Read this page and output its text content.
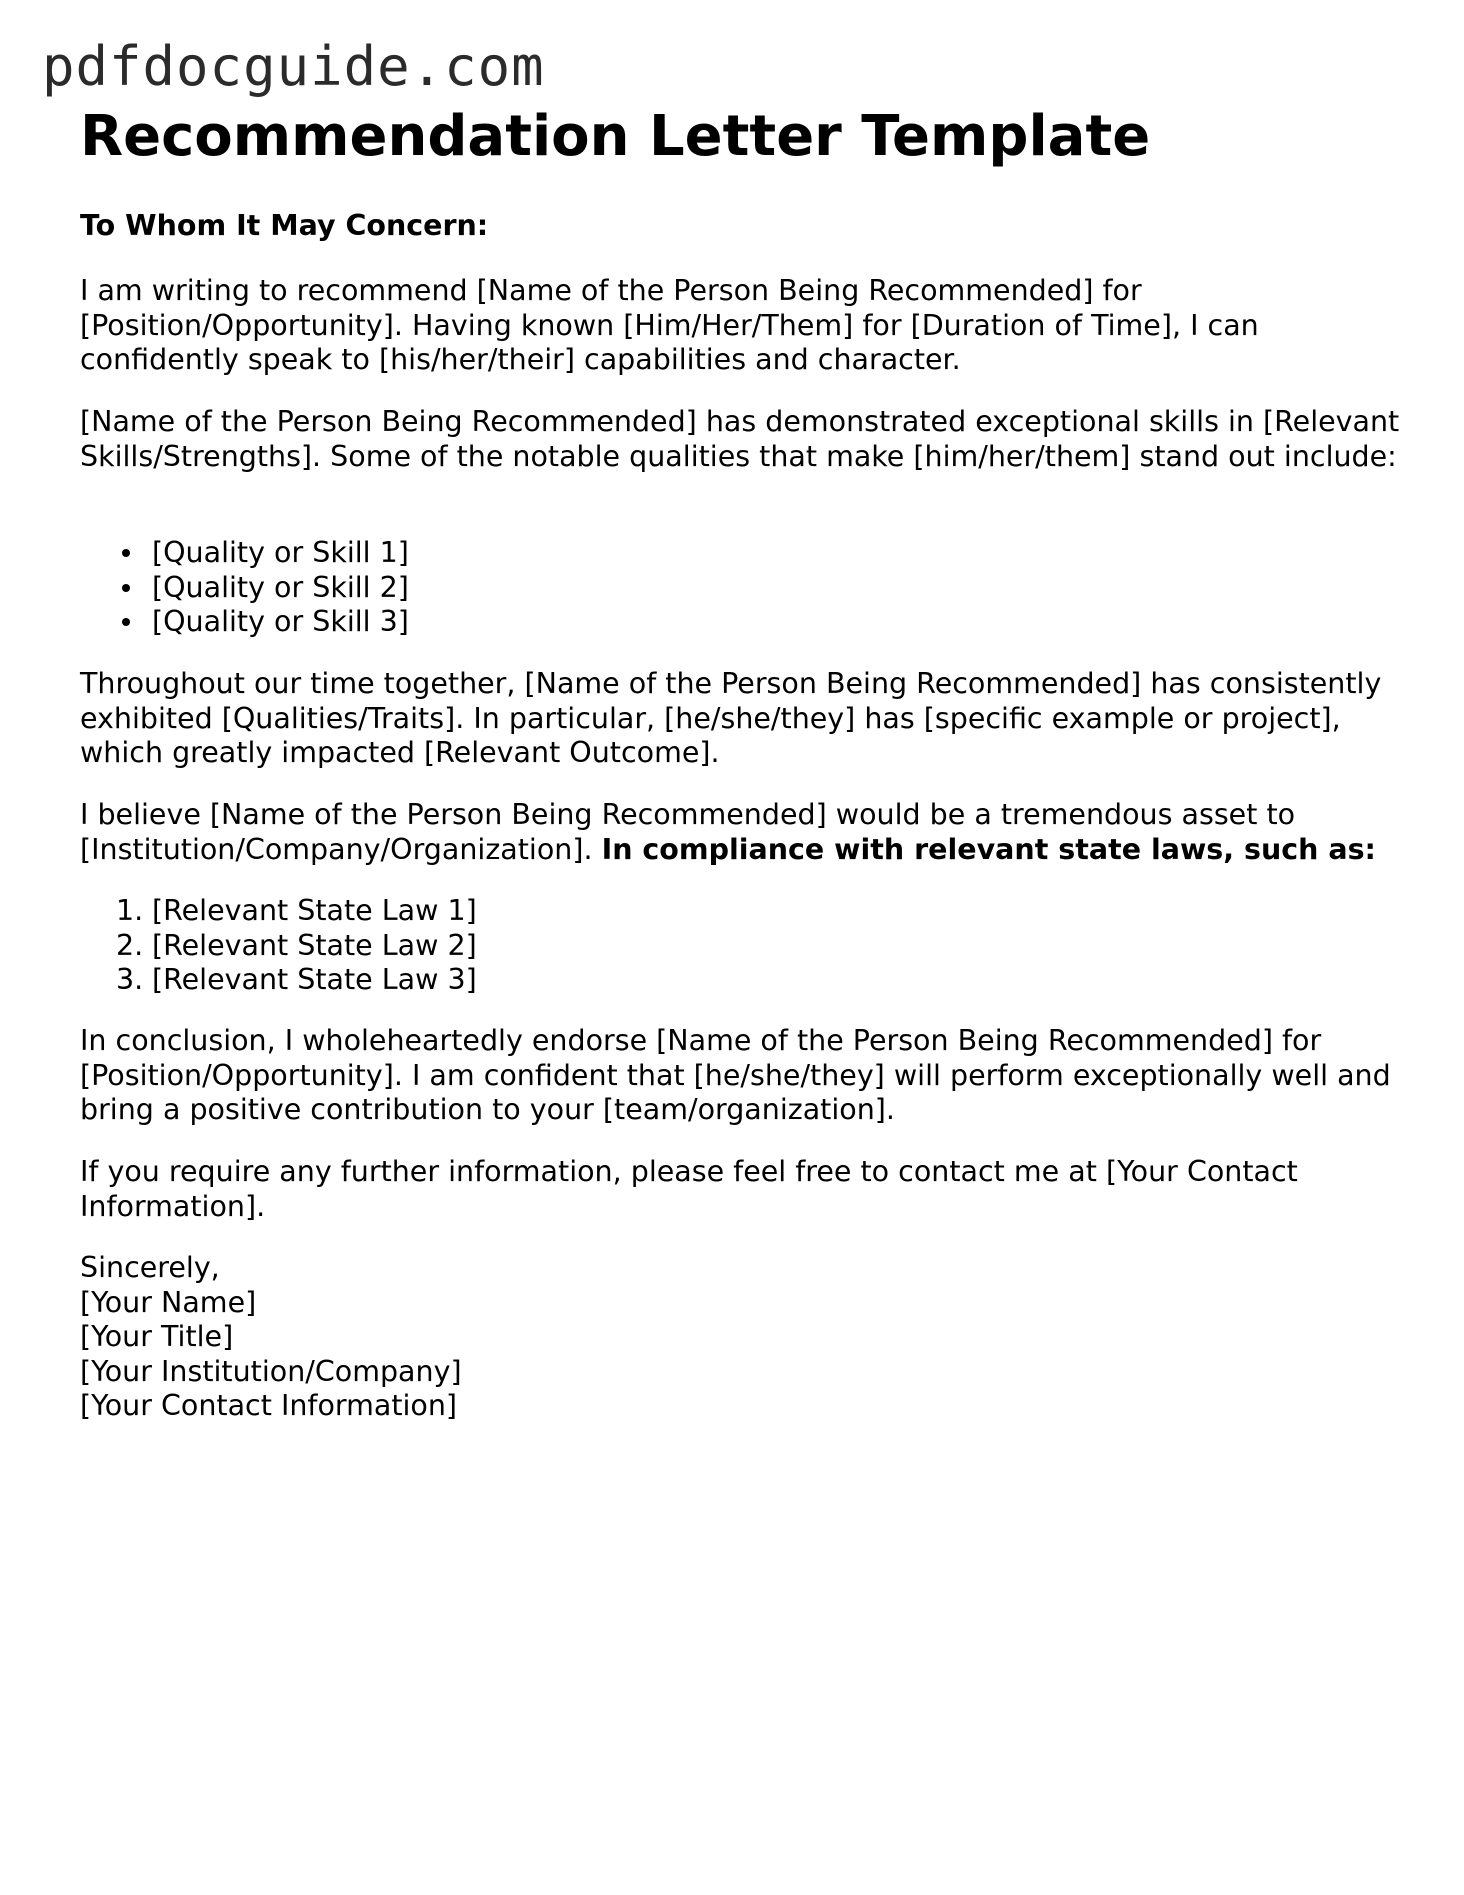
pdfdocguide.com
Recommendation Letter Template

To Whom It May Concern:

I am writing to recommend [Name of the Person Being Recommended] for [Position/Opportunity]. Having known [Him/Her/Them] for [Duration of Time], I can confidently speak to [his/her/their] capabilities and character.

[Name of the Person Being Recommended] has demonstrated exceptional skills in [Relevant Skills/Strengths]. Some of the notable qualities that make [him/her/them] stand out include:

[Quality or Skill 1]
[Quality or Skill 2]
[Quality or Skill 3]

Throughout our time together, [Name of the Person Being Recommended] has consistently exhibited [Qualities/Traits]. In particular, [he/she/they] has [specific example or project], which greatly impacted [Relevant Outcome].

I believe [Name of the Person Being Recommended] would be a tremendous asset to [Institution/Company/Organization]. In compliance with relevant state laws, such as:

1. [Relevant State Law 1]
2. [Relevant State Law 2]
3. [Relevant State Law 3]

In conclusion, I wholeheartedly endorse [Name of the Person Being Recommended] for [Position/Opportunity]. I am confident that [he/she/they] will perform exceptionally well and bring a positive contribution to your [team/organization].

If you require any further information, please feel free to contact me at [Your Contact Information].

Sincerely,
[Your Name]
[Your Title]
[Your Institution/Company]
[Your Contact Information]
